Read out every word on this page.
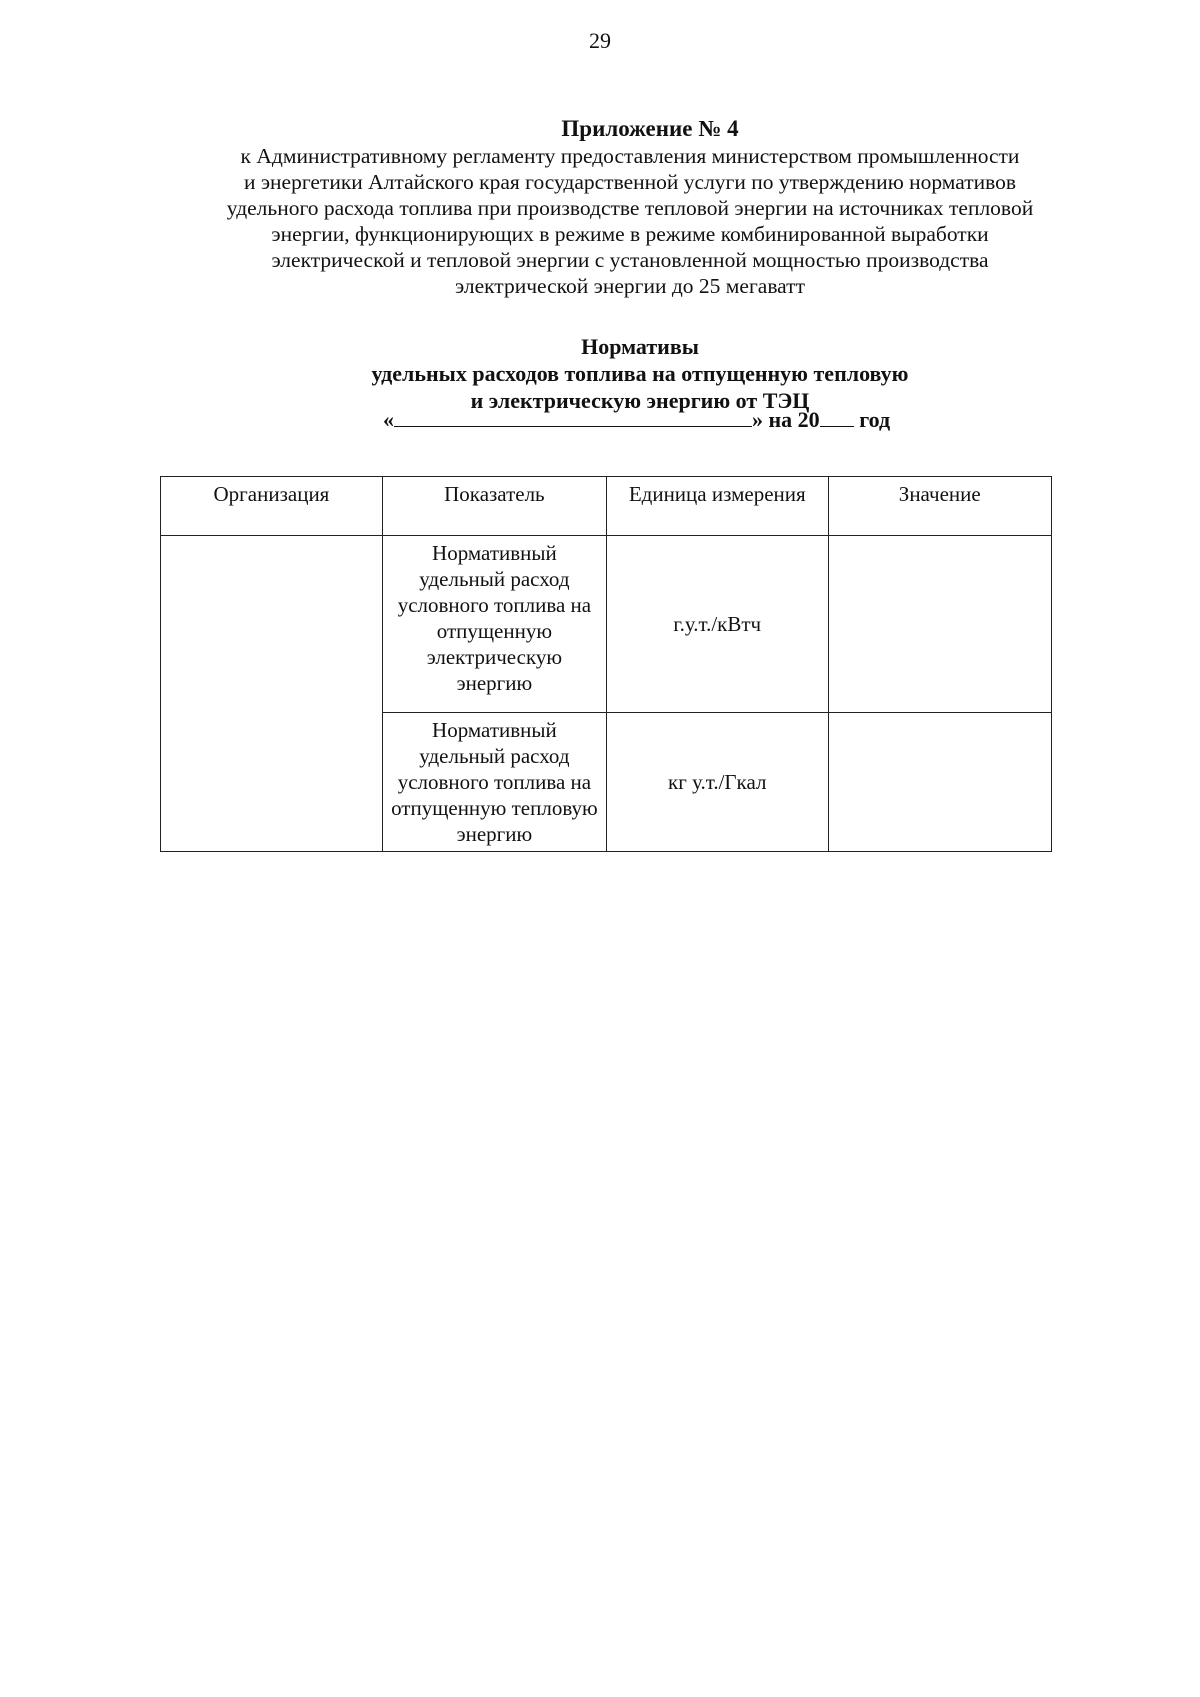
29
Приложение № 4
к Административному регламенту предоставления министерством промышленности
и энергетики Алтайского края государственной услуги по утверждению нормативов
удельного расхода топлива при производстве тепловой энергии на источниках тепловой
энергии, функционирующих в режиме в режиме комбинированной выработки
электрической и тепловой энергии с установленной мощностью производства
электрической энергии до 25 мегаватт
Нормативы
удельных расходов топлива на отпущенную тепловую
и электрическую энергию от ТЭЦ
«	» на 20 год
Организация	Показатель	Единица измерения	Значение
	Нормативный удельный расход условного топлива на отпущенную электрическую энергию	г.у.т./кВтч	
	Нормативный удельный расход условного топлива на отпущенную тепловую энергию	кг у.т./Гкал	
